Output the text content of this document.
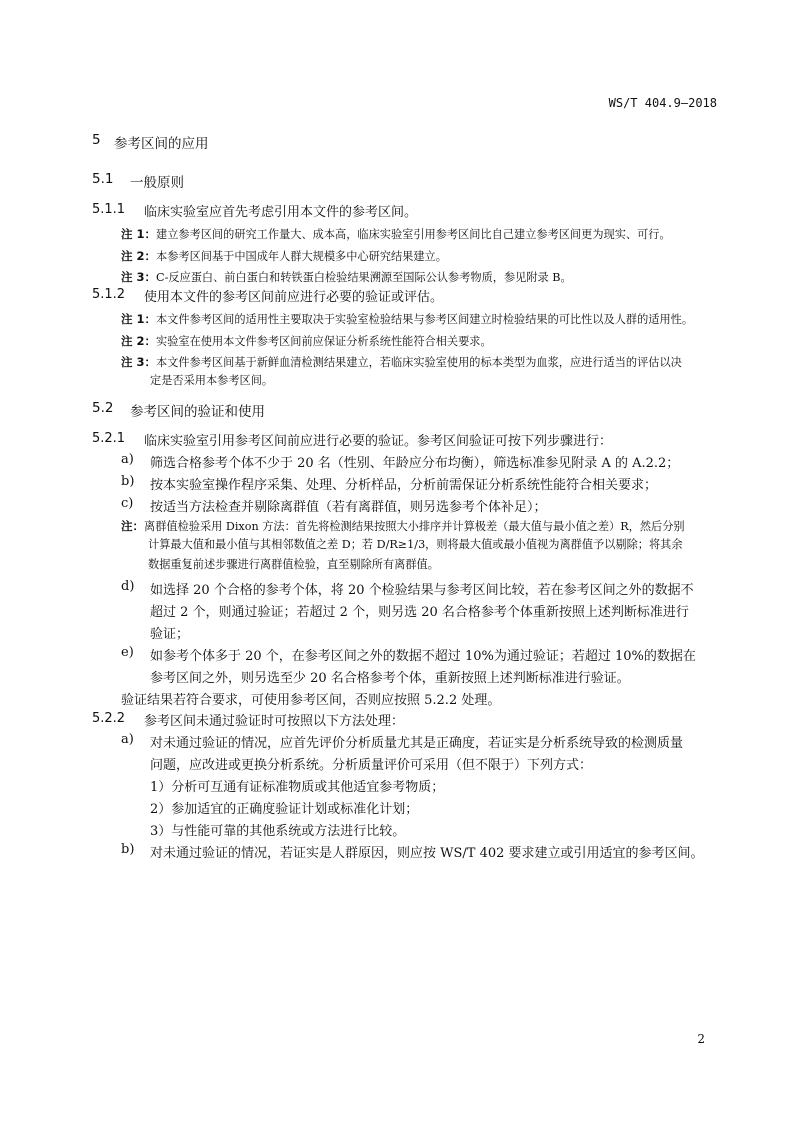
WS/T 404.9—2018
5 参考区间的应用
5.1 一般原则
5.1.1 临床实验室应首先考虑引用本文件的参考区间。
注 1：建立参考区间的研究工作量大、成本高，临床实验室引用参考区间比自己建立参考区间更为现实、可行。
注 2：本参考区间基于中国成年人群大规模多中心研究结果建立。
注 3：C-反应蛋白、前白蛋白和转铁蛋白检验结果溯源至国际公认参考物质，参见附录 B。
5.1.2 使用本文件的参考区间前应进行必要的验证或评估。
注 1：本文件参考区间的适用性主要取决于实验室检验结果与参考区间建立时检验结果的可比性以及人群的适用性。
注 2：实验室在使用本文件参考区间前应保证分析系统性能符合相关要求。
注 3：本文件参考区间基于新鲜血清检测结果建立，若临床实验室使用的标本类型为血浆，应进行适当的评估以决
定是否采用本参考区间。
5.2 参考区间的验证和使用
5.2.1 临床实验室引用参考区间前应进行必要的验证。参考区间验证可按下列步骤进行：
a) 筛选合格参考个体不少于 20 名（性别、年龄应分布均衡），筛选标准参见附录 A 的 A.2.2；
b) 按本实验室操作程序采集、处理、分析样品，分析前需保证分析系统性能符合相关要求；
c) 按适当方法检查并剔除离群值（若有离群值，则另选参考个体补足）；
注：离群值检验采用 Dixon 方法：首先将检测结果按照大小排序并计算极差（最大值与最小值之差）R，然后分别
计算最大值和最小值与其相邻数值之差 D；若 D/R≥1/3，则将最大值或最小值视为离群值予以剔除；将其余
数据重复前述步骤进行离群值检验，直至剔除所有离群值。
d) 如选择 20 个合格的参考个体，将 20 个检验结果与参考区间比较，若在参考区间之外的数据不
超过 2 个，则通过验证；若超过 2 个，则另选 20 名合格参考个体重新按照上述判断标准进行
验证；
e) 如参考个体多于 20 个，在参考区间之外的数据不超过 10%为通过验证；若超过 10%的数据在
参考区间之外，则另选至少 20 名合格参考个体，重新按照上述判断标准进行验证。
验证结果若符合要求，可使用参考区间，否则应按照 5.2.2 处理。
5.2.2 参考区间未通过验证时可按照以下方法处理：
a) 对未通过验证的情况，应首先评价分析质量尤其是正确度，若证实是分析系统导致的检测质量
问题，应改进或更换分析系统。分析质量评价可采用（但不限于）下列方式：
1）分析可互通有证标准物质或其他适宜参考物质；
2）参加适宜的正确度验证计划或标准化计划；
3）与性能可靠的其他系统或方法进行比较。
b) 对未通过验证的情况，若证实是人群原因，则应按 WS/T 402 要求建立或引用适宜的参考区间。
2
